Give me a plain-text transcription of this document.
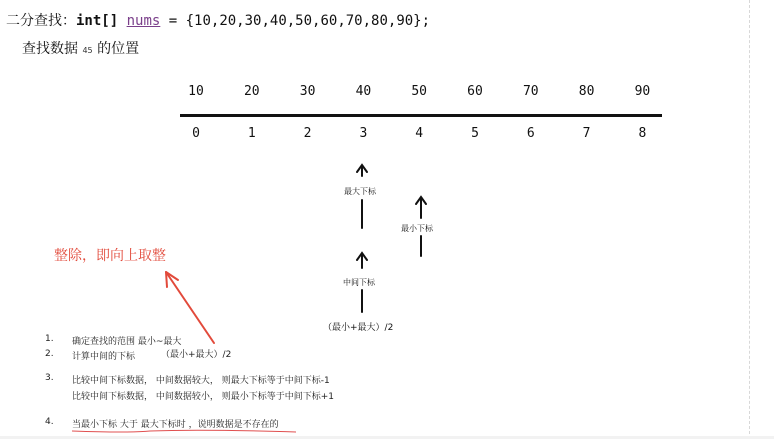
二分查找：int[] nums = {10,20,30,40,50,60,70,80,90};
查找数据 45 的位置
10	20	30	40	50	60	70	80	90
0	1	2	3	4	5	6	7	8
最大下标
最小下标
中间下标
（最小+最大）/2
整除，即向上取整
1. 确定查找的范围 最小~最大
2. 计算中间的下标	（最小+最大）/2
3. 比较中间下标数据， 中间数据较大， 则最大下标等于中间下标-1
比较中间下标数据， 中间数据较小， 则最小下标等于中间下标+1
4. 当最小下标 大于 最大下标时 ，说明数据是不存在的
